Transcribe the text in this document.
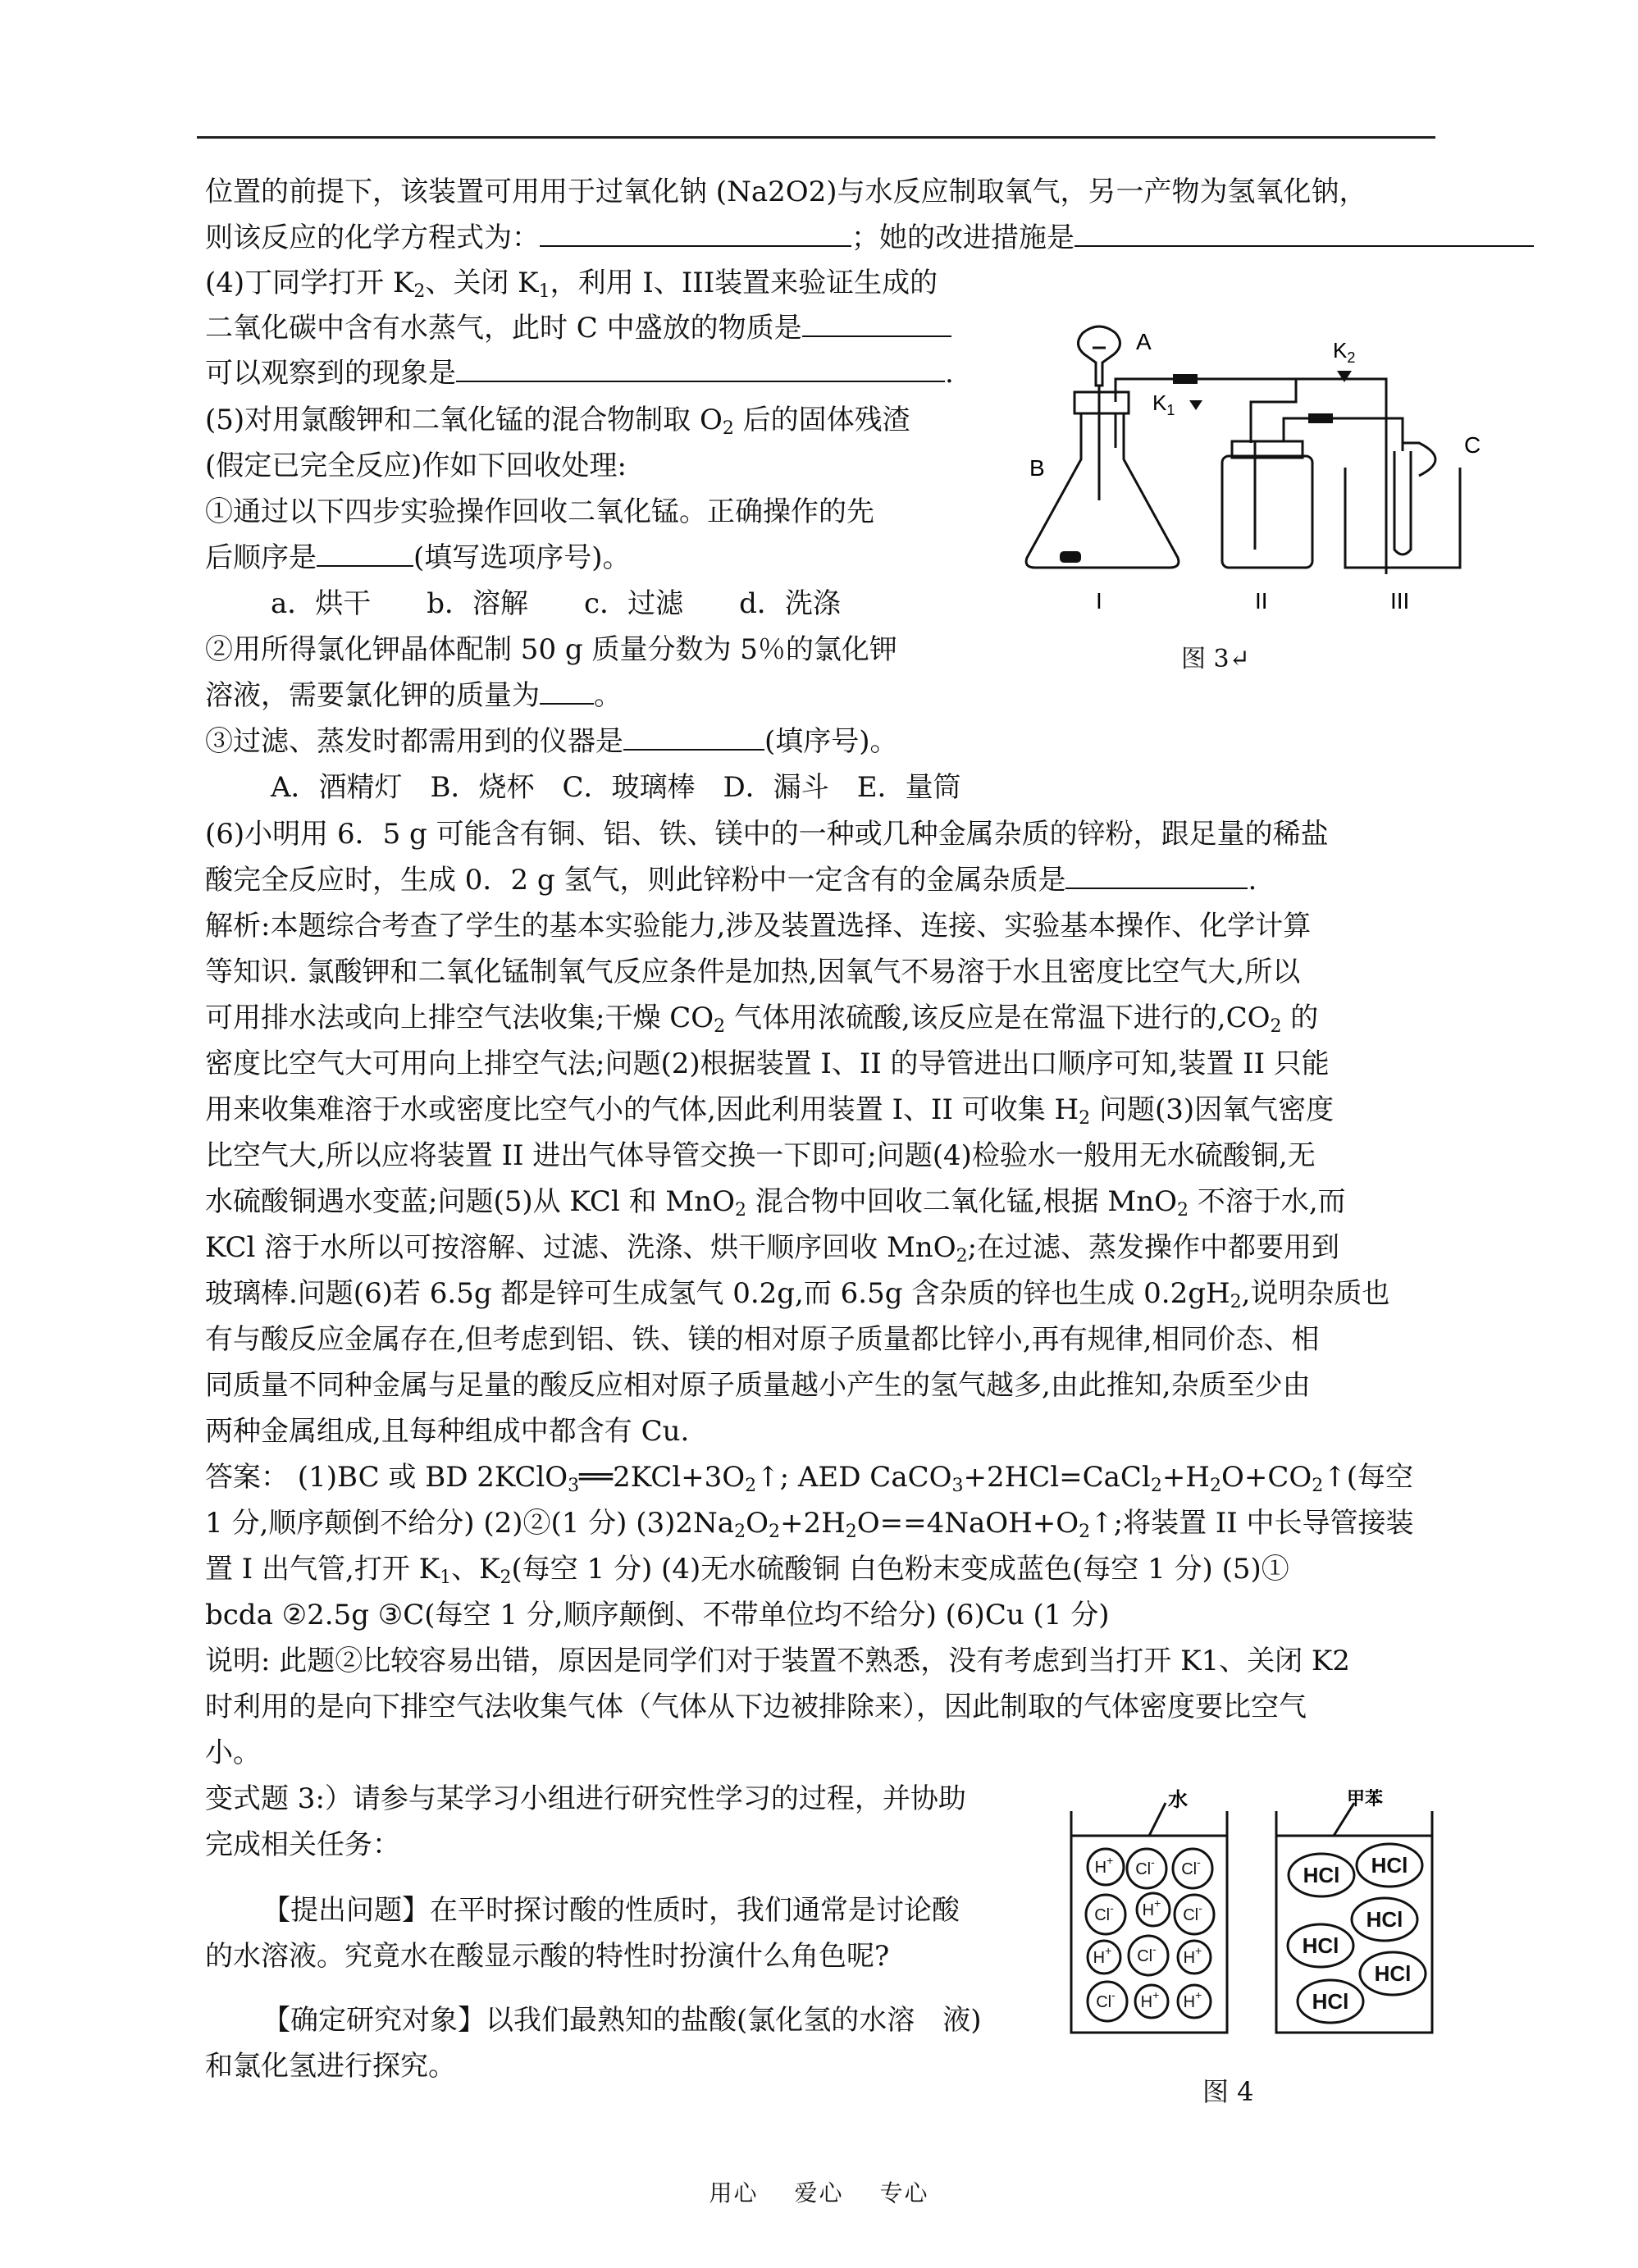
位置的前提下，该装置可用用于过氧化钠 (Na2O2)与水反应制取氧气，另一产物为氢氧化钠，
则该反应的化学方程式为：	；她的改进措施是
(4)丁同学打开 $K_2$、关闭 $K_1$，利用 I、III装置来验证生成的
二氧化碳中含有水蒸气，此时 C 中盛放的物质是
可以观察到的现象是	.
(5)对用氯酸钾和二氧化锰的混合物制取 $O_2$ 后的固体残渣
(假定已完全反应)作如下回收处理:
①通过以下四步实验操作回收二氧化锰。正确操作的先
后顺序是	(填写选项序号)。
a．烘干　　b．溶解　　c．过滤　　d．洗涤
②用所得氯化钾晶体配制 50 g 质量分数为 5％的氯化钾
溶液，需要氯化钾的质量为 。
③过滤、蒸发时都需用到的仪器是	(填序号)。
A．酒精灯　B．烧杯　C．玻璃棒　D．漏斗　E．量筒
(6)小明用 6．5 g 可能含有铜、铝、铁、镁中的一种或几种金属杂质的锌粉，跟足量的稀盐
酸完全反应时，生成 0．2 g 氢气，则此锌粉中一定含有的金属杂质是	.
解析:本题综合考查了学生的基本实验能力,涉及装置选择、连接、实验基本操作、化学计算
等知识. 氯酸钾和二氧化锰制氧气反应条件是加热,因氧气不易溶于水且密度比空气大,所以
可用排水法或向上排空气法收集;干燥 $CO_2$ 气体用浓硫酸,该反应是在常温下进行的$,CO_2$ 的
密度比空气大可用向上排空气法;问题(2)根据装置 I、II 的导管进出口顺序可知,装置 II 只能
用来收集难溶于水或密度比空气小的气体,因此利用装置 I、II 可收集 $H_2$ 问题(3)因氧气密度
比空气大,所以应将装置 II 进出气体导管交换一下即可;问题(4)检验水一般用无水硫酸铜,无
水硫酸铜遇水变蓝;问题(5)从 KCl 和 MnO$_2$ 混合物中回收二氧化锰,根据 MnO$_2$ 不溶于水,而
KCl 溶于水所以可按溶解、过滤、洗涤、烘干顺序回收 MnO$_2$;在过滤、蒸发操作中都要用到
玻璃棒.问题(6)若 6.5g 都是锌可生成氢气 0.2g,而 6.5g 含杂质的锌也生成 $0.2gH_2$,说明杂质也
有与酸反应金属存在,但考虑到铝、铁、镁的相对原子质量都比锌小,再有规律,相同价态、相
同质量不同种金属与足量的酸反应相对原子质量越小产生的氢气越多,由此推知,杂质至少由
两种金属组成,且每种组成中都含有 Cu.
答案： (1)BC 或 BD $2KClO_3══2KCl+3O_2↑$; AED $CaCO_3+2HCl=CaCl_2+H_2O+CO_2↑$(每空
1 分,顺序颠倒不给分) (2)②(1 分) $(3)2Na_2O_2+2H_2O==4NaOH+O_2↑$;将装置 II 中长导管接装
置 I 出气管,打开 $K_1$、$K_2$(每空 1 分) (4)无水硫酸铜 白色粉末变成蓝色(每空 1 分) (5)①
bcda ②2.5g ③C(每空 1 分,顺序颠倒、不带单位均不给分) (6)Cu (1 分)
说明: 此题②比较容易出错，原因是同学们对于装置不熟悉，没有考虑到当打开 K1、关闭 K2
时利用的是向下排空气法收集气体（气体从下边被排除来），因此制取的气体密度要比空气
小。
变式题 3:）请参与某学习小组进行研究性学习的过程，并协助
完成相关任务：
【提出问题】在平时探讨酸的性质时，我们通常是讨论酸
的水溶液。究竟水在酸显示酸的特性时扮演什么角色呢?
【确定研究对象】以我们最熟知的盐酸(氯化氢的水溶　液)
和氯化氢进行探究。
A
B
C
$K_1$
$K_2$
I	II	III
图 3↵
水	甲苯
H+ Cl- Cl-
Cl- H+
Cl-
H+ Cl- H+
Cl- H+ H+
HCl HCl
HCl
HCl
HCl
HCl
图 4
用心 爱心 专心
